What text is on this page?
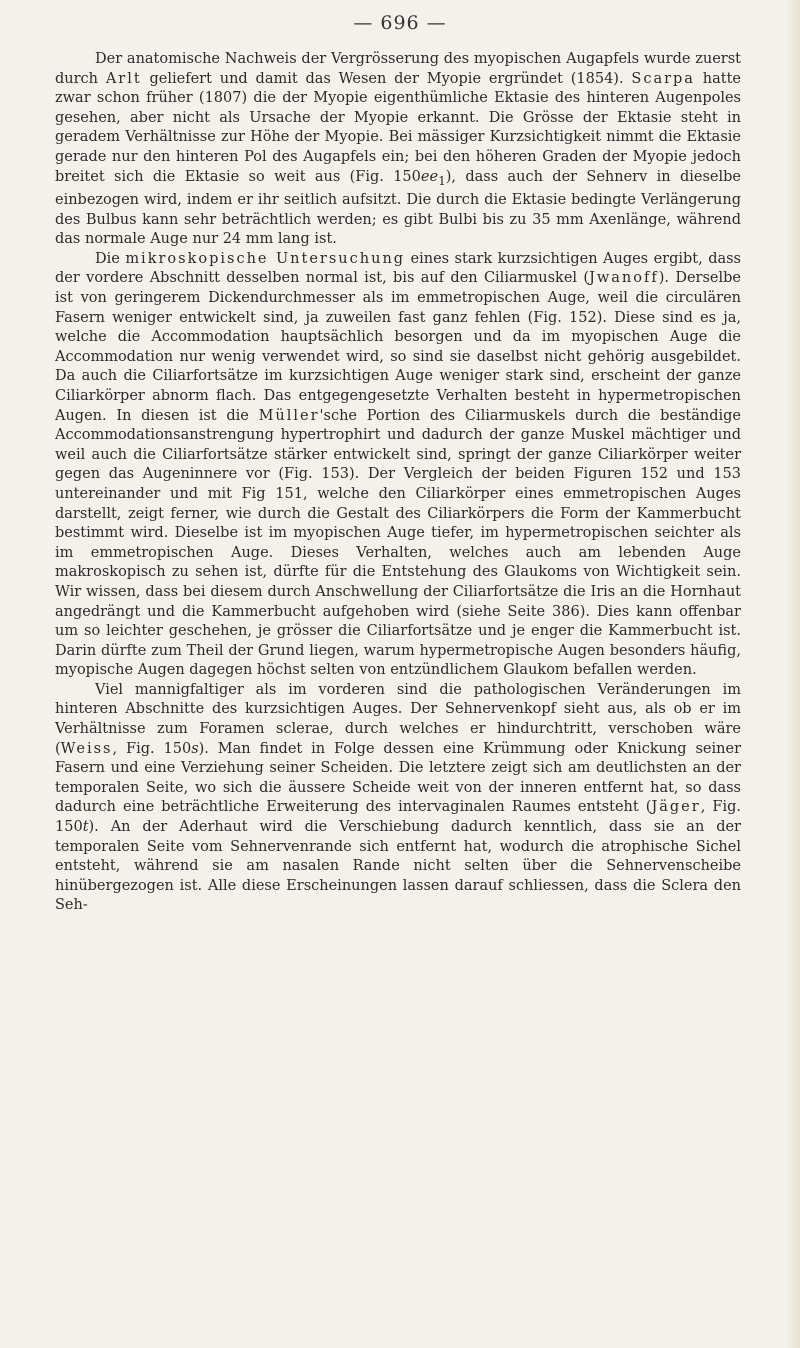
— 696 —

Der anatomische Nachweis der Vergrösserung des myopischen Augapfels wurde zuerst durch Arlt geliefert und damit das Wesen der Myopie ergründet (1854). Scarpa hatte zwar schon früher (1807) die der Myopie eigenthümliche Ektasie des hinteren Augenpoles gesehen, aber nicht als Ursache der Myopie erkannt. Die Grösse der Ektasie steht in geradem Verhältnisse zur Höhe der Myopie. Bei mässiger Kurzsichtigkeit nimmt die Ektasie gerade nur den hinteren Pol des Augapfels ein; bei den höheren Graden der Myopie jedoch breitet sich die Ektasie so weit aus (Fig. $150ee_1$), dass auch der Sehnerv in dieselbe einbezogen wird, indem er ihr seitlich aufsitzt. Die durch die Ektasie bedingte Verlängerung des Bulbus kann sehr beträchtlich werden; es gibt Bulbi bis zu 35 mm Axenlänge, während das normale Auge nur 24 mm lang ist.

Die mikroskopische Untersuchung eines stark kurzsichtigen Auges ergibt, dass der vordere Abschnitt desselben normal ist, bis auf den Ciliarmuskel (Jwanoff). Derselbe ist von geringerem Dickendurchmesser als im emmetropischen Auge, weil die circulären Fasern weniger entwickelt sind, ja zuweilen fast ganz fehlen (Fig. 152). Diese sind es ja, welche die Accommodation hauptsächlich besorgen und da im myopischen Auge die Accommodation nur wenig verwendet wird, so sind sie daselbst nicht gehörig ausgebildet. Da auch die Ciliarfortsätze im kurzsichtigen Auge weniger stark sind, erscheint der ganze Ciliarkörper abnorm flach. Das entgegengesetzte Verhalten besteht in hypermetropischen Augen. In diesen ist die Müller'sche Portion des Ciliarmuskels durch die beständige Accommodationsanstrengung hypertrophirt und dadurch der ganze Muskel mächtiger und weil auch die Ciliarfortsätze stärker entwickelt sind, springt der ganze Ciliarkörper weiter gegen das Augeninnere vor (Fig. 153). Der Vergleich der beiden Figuren 152 und 153 untereinander und mit Fig 151, welche den Ciliarkörper eines emmetropischen Auges darstellt, zeigt ferner, wie durch die Gestalt des Ciliarkörpers die Form der Kammerbucht bestimmt wird. Dieselbe ist im myopischen Auge tiefer, im hypermetropischen seichter als im emmetropischen Auge. Dieses Verhalten, welches auch am lebenden Auge makroskopisch zu sehen ist, dürfte für die Entstehung des Glaukoms von Wichtigkeit sein. Wir wissen, dass bei diesem durch Anschwellung der Ciliarfortsätze die Iris an die Hornhaut angedrängt und die Kammerbucht aufgehoben wird (siehe Seite 386). Dies kann offenbar um so leichter geschehen, je grösser die Ciliarfortsätze und je enger die Kammerbucht ist. Darin dürfte zum Theil der Grund liegen, warum hypermetropische Augen besonders häufig, myopische Augen dagegen höchst selten von entzündlichem Glaukom befallen werden.

Viel mannigfaltiger als im vorderen sind die pathologischen Veränderungen im hinteren Abschnitte des kurzsichtigen Auges. Der Sehnervenkopf sieht aus, als ob er im Verhältnisse zum Foramen sclerae, durch welches er hindurchtritt, verschoben wäre (Weiss, Fig. 150s). Man findet in Folge dessen eine Krümmung oder Knickung seiner Fasern und eine Verziehung seiner Scheiden. Die letztere zeigt sich am deutlichsten an der temporalen Seite, wo sich die äussere Scheide weit von der inneren entfernt hat, so dass dadurch eine beträchtliche Erweiterung des intervaginalen Raumes entsteht (Jäger, Fig. 150t). An der Aderhaut wird die Verschiebung dadurch kenntlich, dass sie an der temporalen Seite vom Sehnervenrande sich entfernt hat, wodurch die atrophische Sichel entsteht, während sie am nasalen Rande nicht selten über die Sehnervenscheibe hinübergezogen ist. Alle diese Erscheinungen lassen darauf schliessen, dass die Sclera den Seh-
